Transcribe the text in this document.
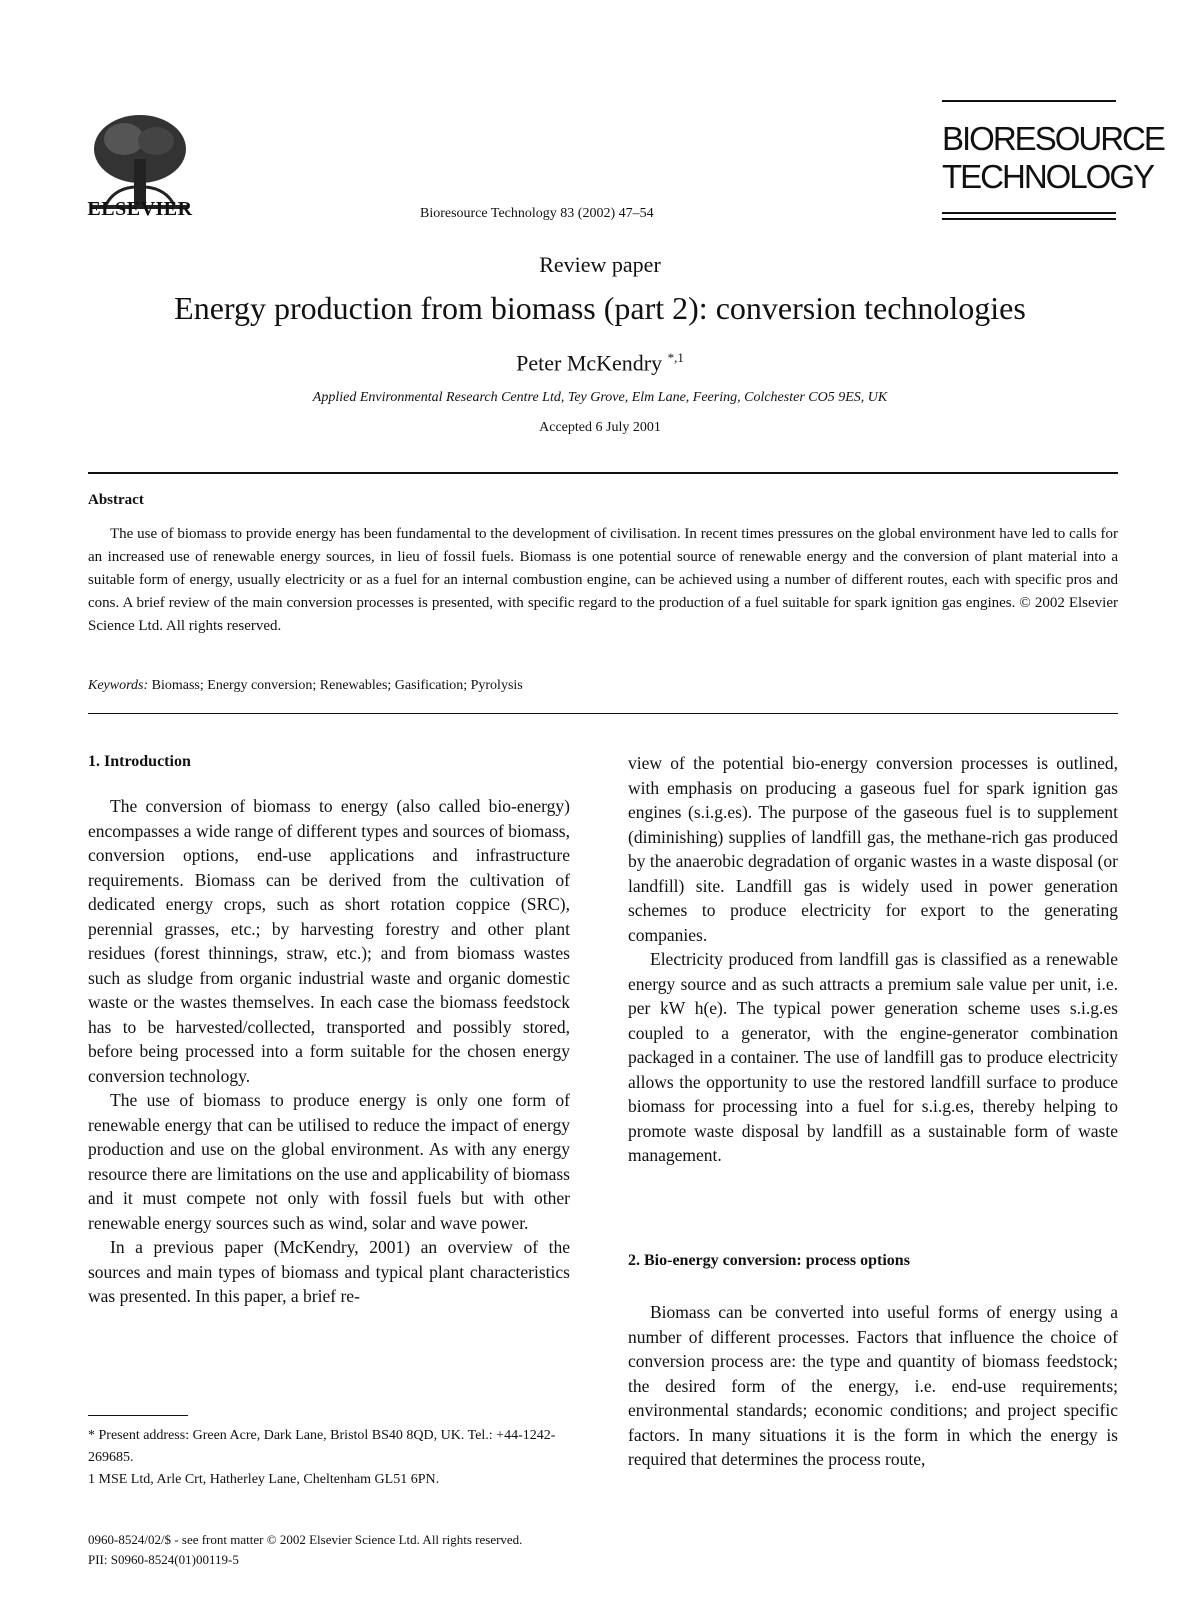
ELSEVIER	Bioresource Technology 83 (2002) 47–54
BIORESOURCE
TECHNOLOGY
Review paper
Energy production from biomass (part 2): conversion technologies
Peter McKendry $^{*,1}$
Applied Environmental Research Centre Ltd, Tey Grove, Elm Lane, Feering, Colchester CO5 9ES, UK
Accepted 6 July 2001
Abstract
The use of biomass to provide energy has been fundamental to the development of civilisation. In recent times pressures on the global environment have led to calls for an increased use of renewable energy sources, in lieu of fossil fuels. Biomass is one potential source of renewable energy and the conversion of plant material into a suitable form of energy, usually electricity or as a fuel for an internal combustion engine, can be achieved using a number of different routes, each with specific pros and cons. A brief review of the main conversion processes is presented, with specific regard to the production of a fuel suitable for spark ignition gas engines. © 2002 Elsevier Science Ltd. All rights reserved.
Keywords: Biomass; Energy conversion; Renewables; Gasification; Pyrolysis
1. Introduction

The conversion of biomass to energy (also called bio-energy) encompasses a wide range of different types and sources of biomass, conversion options, end-use applications and infrastructure requirements. Biomass can be derived from the cultivation of dedicated energy crops, such as short rotation coppice (SRC), perennial grasses, etc.; by harvesting forestry and other plant residues (forest thinnings, straw, etc.); and from biomass wastes such as sludge from organic industrial waste and organic domestic waste or the wastes themselves. In each case the biomass feedstock has to be harvested/collected, transported and possibly stored, before being processed into a form suitable for the chosen energy conversion technology.

The use of biomass to produce energy is only one form of renewable energy that can be utilised to reduce the impact of energy production and use on the global environment. As with any energy resource there are limitations on the use and applicability of biomass and it must compete not only with fossil fuels but with other renewable energy sources such as wind, solar and wave power.

In a previous paper (McKendry, 2001) an overview of the sources and main types of biomass and typical plant characteristics was presented. In this paper, a brief re-

view of the potential bio-energy conversion processes is outlined, with emphasis on producing a gaseous fuel for spark ignition gas engines (s.i.g.es). The purpose of the gaseous fuel is to supplement (diminishing) supplies of landfill gas, the methane-rich gas produced by the anaerobic degradation of organic wastes in a waste disposal (or landfill) site. Landfill gas is widely used in power generation schemes to produce electricity for export to the generating companies.

Electricity produced from landfill gas is classified as a renewable energy source and as such attracts a premium sale value per unit, i.e. per kW h(e). The typical power generation scheme uses s.i.g.es coupled to a generator, with the engine-generator combination packaged in a container. The use of landfill gas to produce electricity allows the opportunity to use the restored landfill surface to produce biomass for processing into a fuel for s.i.g.es, thereby helping to promote waste disposal by landfill as a sustainable form of waste management.

2. Bio-energy conversion: process options

Biomass can be converted into useful forms of energy using a number of different processes. Factors that influence the choice of conversion process are: the type and quantity of biomass feedstock; the desired form of the energy, i.e. end-use requirements; environmental standards; economic conditions; and project specific factors. In many situations it is the form in which the energy is required that determines the process route,

* Present address: Green Acre, Dark Lane, Bristol BS40 8QD, UK. Tel.: +44-1242-269685.

1 MSE Ltd, Arle Crt, Hatherley Lane, Cheltenham GL51 6PN.

0960-8524/02/$ - see front matter © 2002 Elsevier Science Ltd. All rights reserved.
PII: S0960-8524(01)00119-5
